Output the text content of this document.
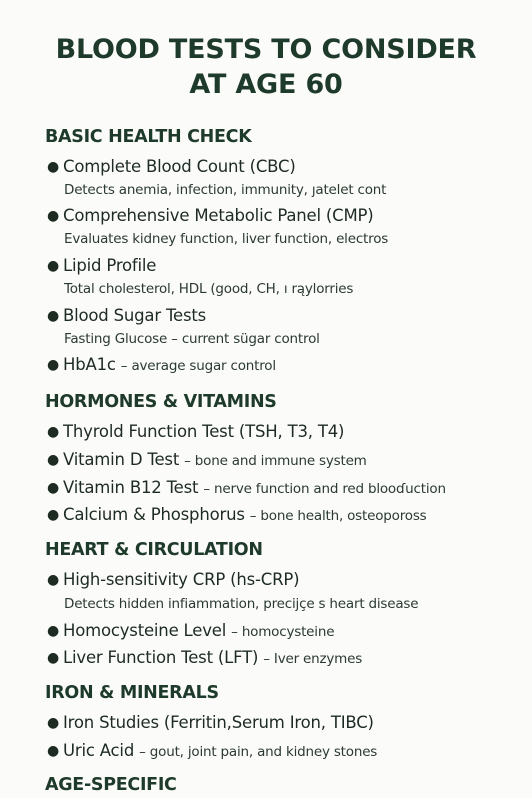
BLOOD TESTS TO CONSIDER
AT AGE 60
BASIC HEALTH CHECK
● Complete Blood Count (CBC)
Detects anemia, infection, immunity, ȷatelet cont
● Comprehensive Metabolic Panel (CMP)
Evaluates kidney function, liver function, electros
● Lipid Profile
Total cholesterol, HDL (good, CH, ı rąylorries
● Blood Sugar Tests
Fasting Glucose – current sügar control
● HbA1c – average sugar control
HORMONES & VITAMINS
● Thyrold Function Test (TSH, T3, T4)
● Vitamin D Test – bone and immune system
● Vitamin B12 Test – nerve function and red blooɗuction
● Calcium & Phosphorus – bone health, osteopoross
HEART & CIRCULATION
● High-sensitivity CRP (hs-CRP)
Detects hidden infiammation, precijçe s heart disease
● Homocysteine Level – homocysteine
● Liver Function Test (LFT) – Iver enzymes
IRON & MINERALS
● Iron Studies (Ferritin,Serum Iron, TIBC)
● Uric Acid – gout, joint pain, and kidney stones
AGE-SPECIFIC
